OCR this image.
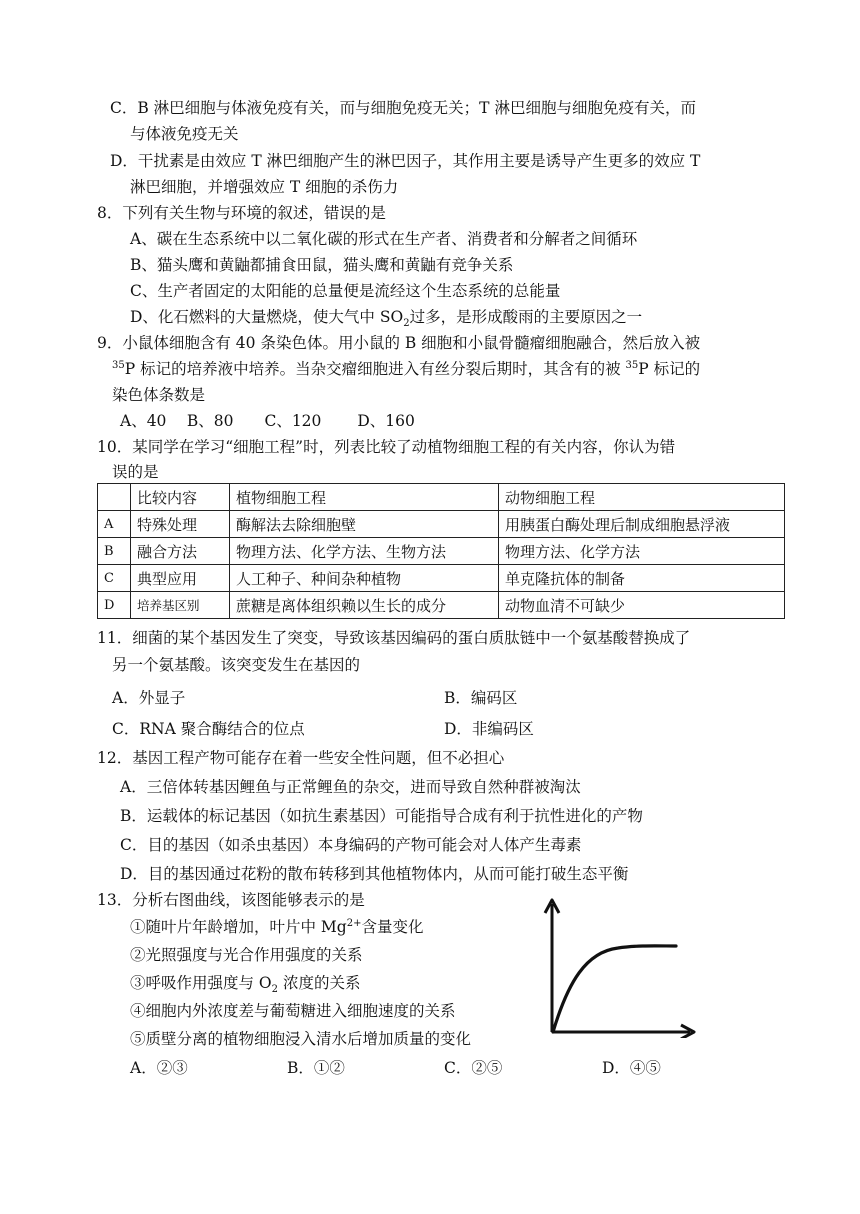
C．B 淋巴细胞与体液免疫有关，而与细胞免疫无关；T 淋巴细胞与细胞免疫有关，而
与体液免疫无关
D．干扰素是由效应 T 淋巴细胞产生的淋巴因子，其作用主要是诱导产生更多的效应 T
淋巴细胞，并增强效应 T 细胞的杀伤力
8．下列有关生物与环境的叙述，错误的是
A、碳在生态系统中以二氧化碳的形式在生产者、消费者和分解者之间循环
B、猫头鹰和黄鼬都捕食田鼠，猫头鹰和黄鼬有竞争关系
C、生产者固定的太阳能的总量便是流经这个生态系统的总能量
D、化石燃料的大量燃烧，使大气中 $SO_2$过多，是形成酸雨的主要原因之一
9．小鼠体细胞含有 40 条染色体。用小鼠的 B 细胞和小鼠骨髓瘤细胞融合，然后放入被
$^{35}$P 标记的培养液中培养。当杂交瘤细胞进入有丝分裂后期时，其含有的被 $^{35}$P 标记的
染色体条数是
A、40　 B、80　　C、120　　 D、160
10．某同学在学习“细胞工程”时，列表比较了动植物细胞工程的有关内容，你认为错
误的是
	比较内容	植物细胞工程	动物细胞工程
A	特殊处理	酶解法去除细胞壁	用胰蛋白酶处理后制成细胞悬浮液
B	融合方法	物理方法、化学方法、生物方法	物理方法、化学方法
C	典型应用	人工种子、种间杂种植物	单克隆抗体的制备
D	培养基区别	蔗糖是离体组织赖以生长的成分	动物血清不可缺少
11．细菌的某个基因发生了突变，导致该基因编码的蛋白质肽链中一个氨基酸替换成了
另一个氨基酸。该突变发生在基因的
A．外显子	B．编码区
C．RNA 聚合酶结合的位点	D．非编码区
12．基因工程产物可能存在着一些安全性问题，但不必担心
A．三倍体转基因鲤鱼与正常鲤鱼的杂交，进而导致自然种群被淘汰
B．运载体的标记基因（如抗生素基因）可能指导合成有利于抗性进化的产物
C．目的基因（如杀虫基因）本身编码的产物可能会对人体产生毒素
D．目的基因通过花粉的散布转移到其他植物体内，从而可能打破生态平衡
13．分析右图曲线，该图能够表示的是
①随叶片年龄增加，叶片中 $Mg^{2+}$含量变化
②光照强度与光合作用强度的关系
③呼吸作用强度与 $O_2$ 浓度的关系
④细胞内外浓度差与葡萄糖进入细胞速度的关系
⑤质壁分离的植物细胞浸入清水后增加质量的变化
A．②③	B．①②	C．②⑤	D．④⑤
